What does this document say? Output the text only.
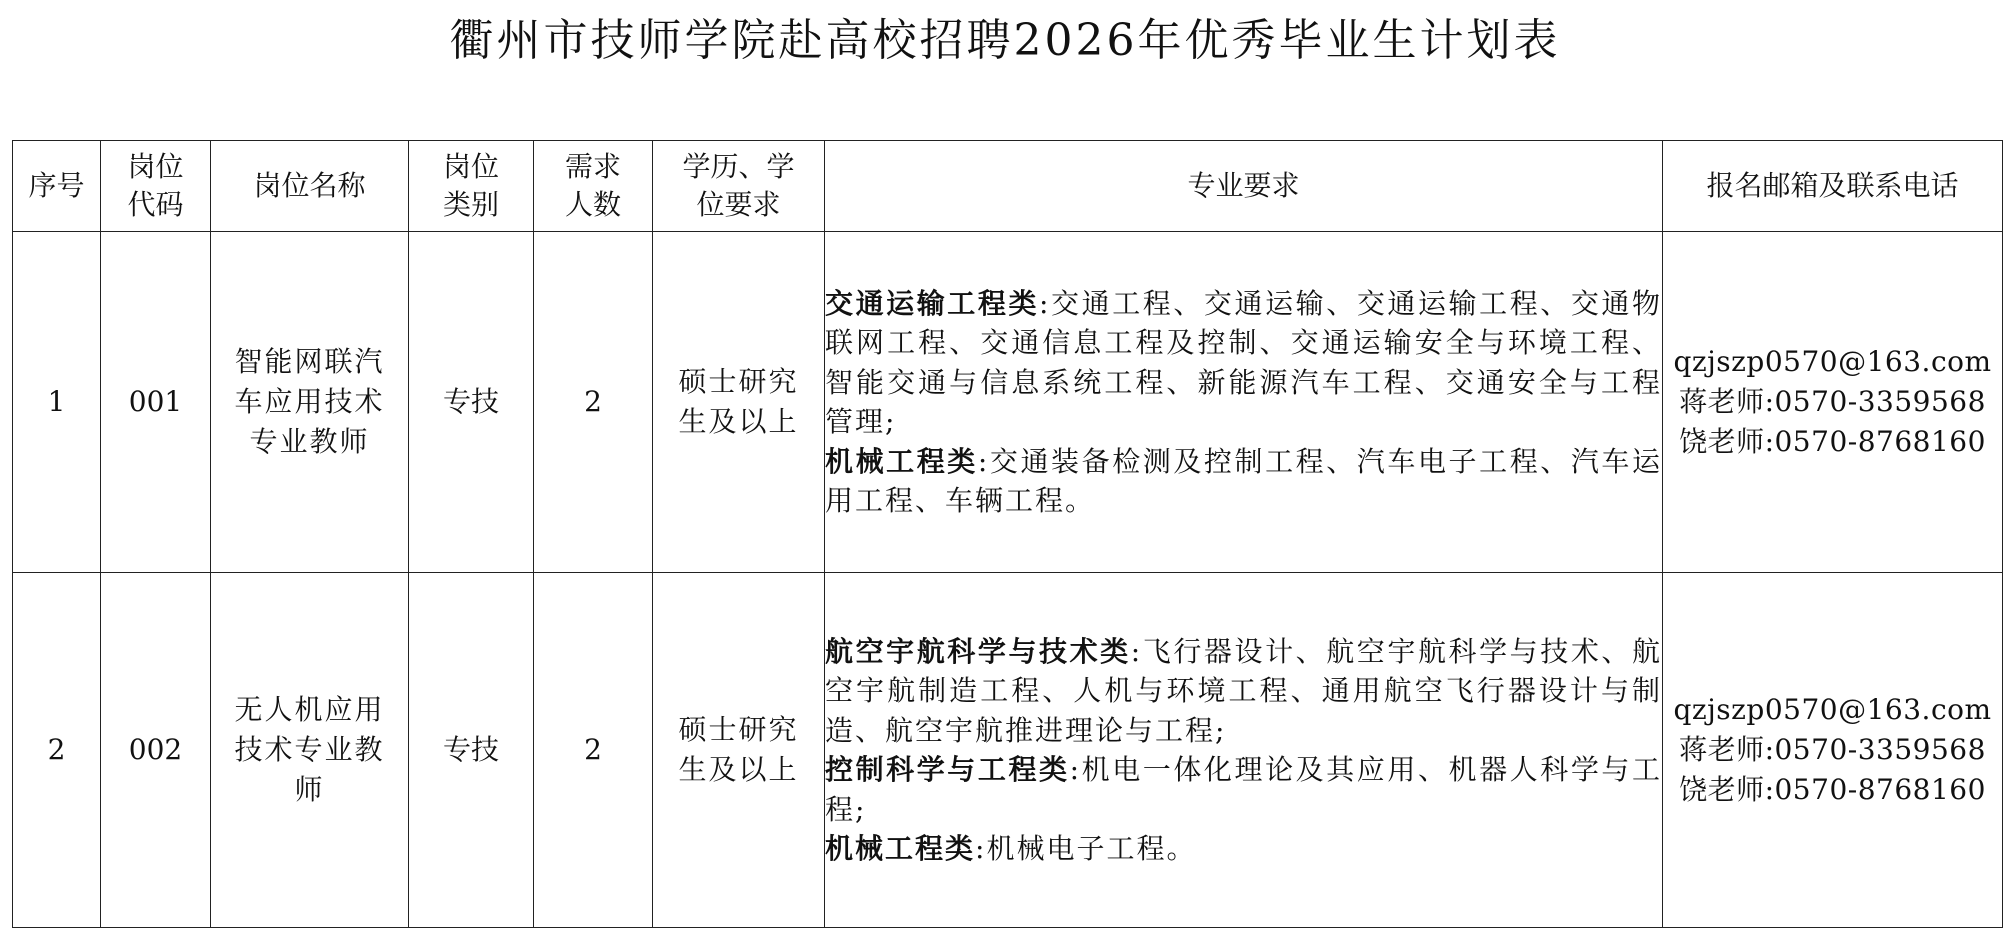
衢州市技师学院赴高校招聘2026年优秀毕业生计划表
序号	岗位代码	岗位名称	岗位类别	需求人数	学历、学位要求	专业要求	报名邮箱及联系电话

1	001	智能网联汽车应用技术专业教师	专技	2	硕士研究生及以上	交通运输工程类:交通工程、交通运输、交通运输工程、交通物联网工程、交通信息工程及控制、交通运输安全与环境工程、智能交通与信息系统工程、新能源汽车工程、交通安全与工程管理;
机械工程类:交通装备检测及控制工程、汽车电子工程、汽车运用工程、车辆工程。	qzjszp0570@163.com
蒋老师:0570-3359568
饶老师:0570-8768160

2	002	无人机应用技术专业教师	专技	2	硕士研究生及以上	航空宇航科学与技术类:飞行器设计、航空宇航科学与技术、航空宇航制造工程、人机与环境工程、通用航空飞行器设计与制造、航空宇航推进理论与工程;
控制科学与工程类:机电一体化理论及其应用、机器人科学与工程;
机械工程类:机械电子工程。	qzjszp0570@163.com
蒋老师:0570-3359568
饶老师:0570-8768160
